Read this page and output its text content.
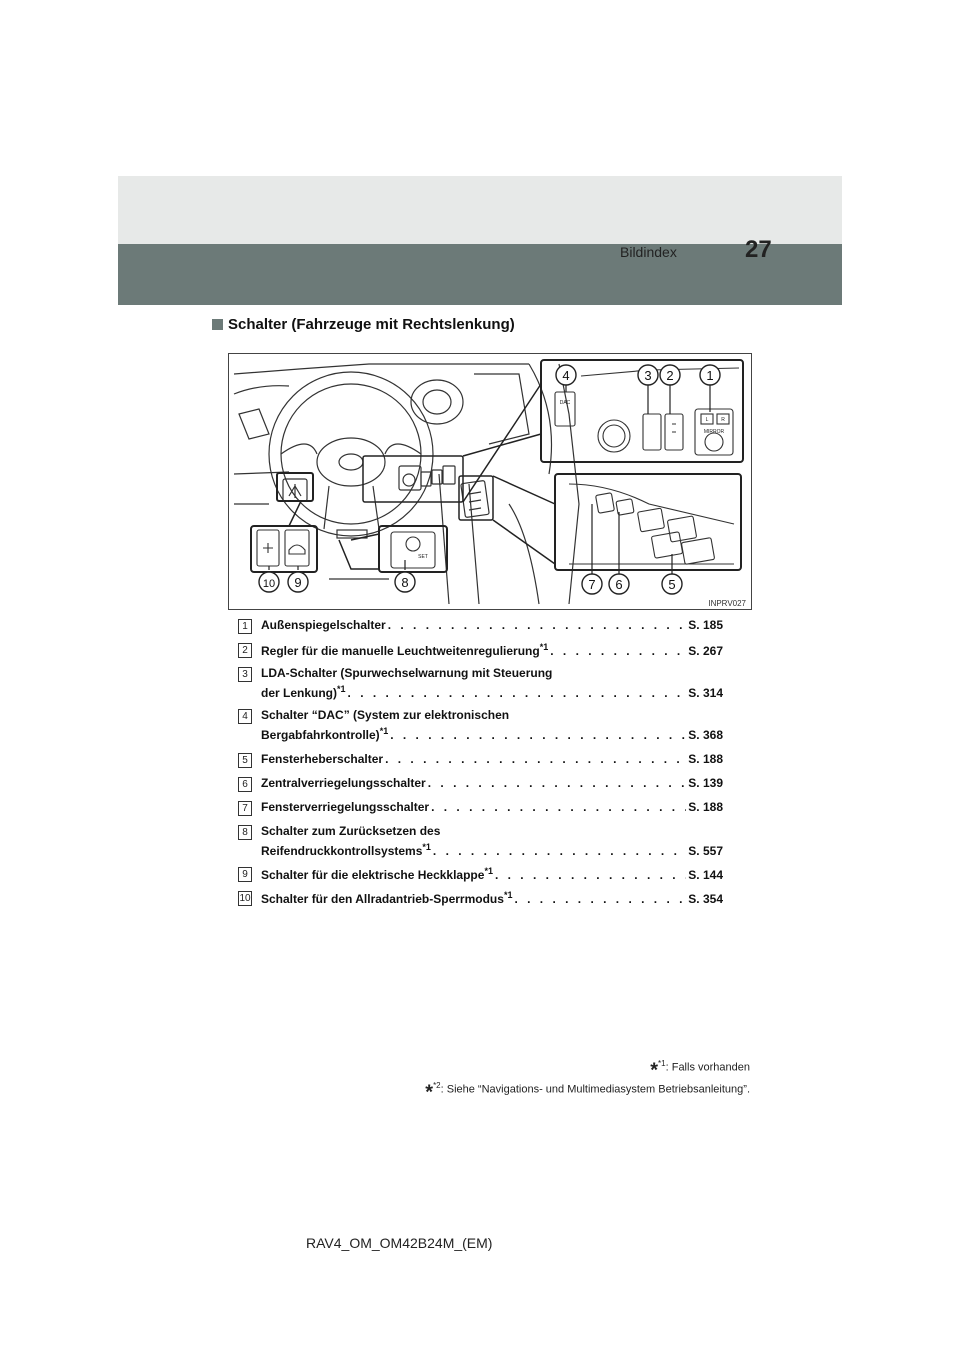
Bildindex	27
Schalter (Fahrzeuge mit Rechtslenkung)
1
2
3
4
5
6
7
8
9
10
DAC
SET
MIRROR
L	R
INPRV027
1	Außenspiegelschalter . . .	S. 185
2	Regler für die manuelle Leuchtweitenregulierung$^{*1}$ . . .	S. 267
3	LDA-Schalter (Spurwechselwarnung mit Steuerung
der Lenkung)$^{*1}$ . . .	S. 314
4	Schalter “DAC” (System zur elektronischen
Bergabfahrkontrolle)$^{*1}$ . . .	S. 368
5	Fensterheberschalter . . .	S. 188
6	Zentralverriegelungsschalter . . .	S. 139
7	Fensterverriegelungsschalter . . .	S. 188
8	Schalter zum Zurücksetzen des
Reifendruckkontrollsystems$^{*1}$ . . .	S. 557
9	Schalter für die elektrische Heckklappe$^{*1}$ . . .	S. 144
10 Schalter für den Allradantrieb-Sperrmodus$^{*1}$ . . .	S. 354
*$^{*1}$: Falls vorhanden
*$^{*2}$: Siehe “Navigations- und Multimediasystem Betriebsanleitung”.
RAV4_OM_OM42B24M_(EM)
